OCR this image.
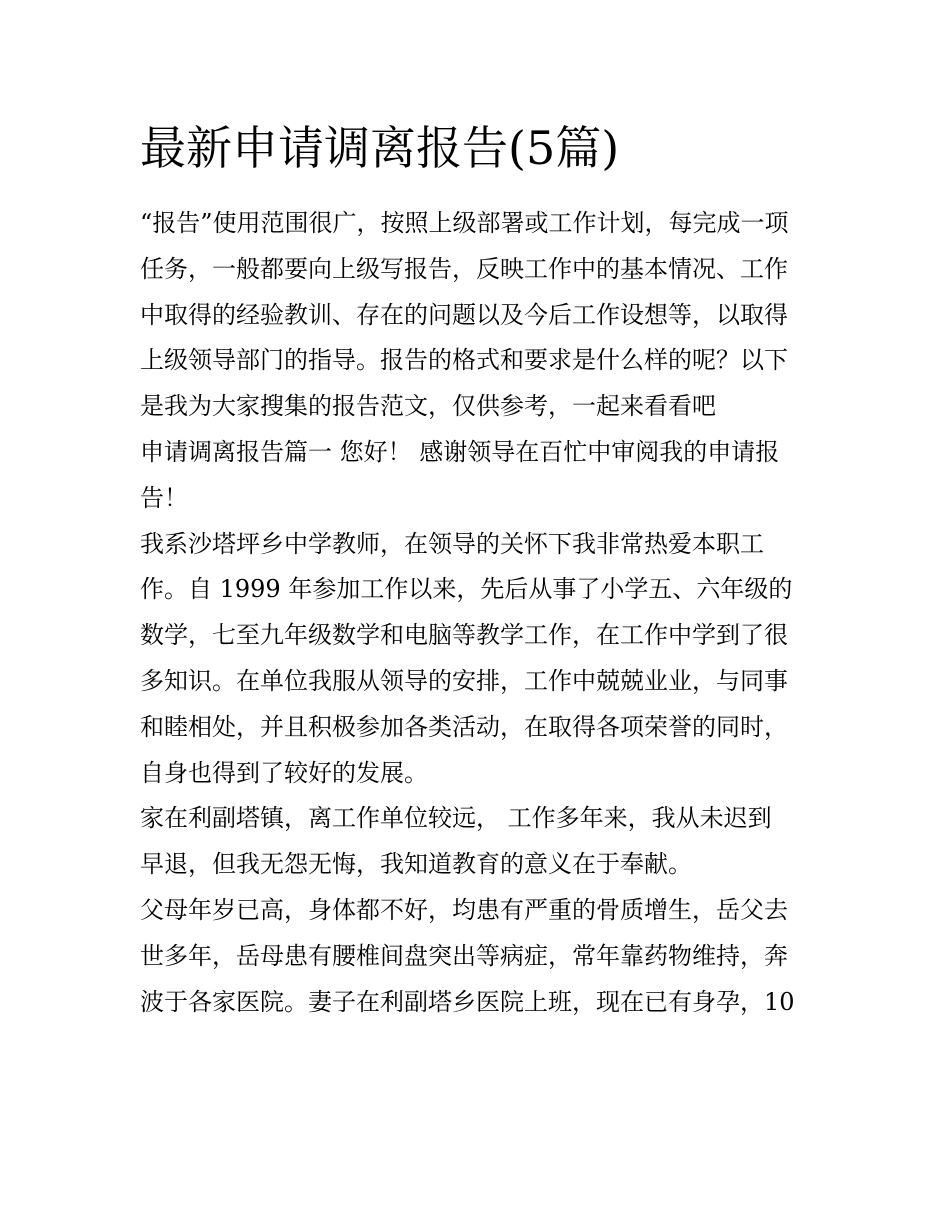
最新申请调离报告(5篇)

“报告”使用范围很广，按照上级部署或工作计划，每完成一项
任务，一般都要向上级写报告，反映工作中的基本情况、工作
中取得的经验教训、存在的问题以及今后工作设想等，以取得
上级领导部门的指导。报告的格式和要求是什么样的呢？以下
是我为大家搜集的报告范文，仅供参考，一起来看看吧

申请调离报告篇一 您好！ 感谢领导在百忙中审阅我的申请报
告！

我系沙塔坪乡中学教师，在领导的关怀下我非常热爱本职工
作。自 1999 年参加工作以来，先后从事了小学五、六年级的
数学，七至九年级数学和电脑等教学工作，在工作中学到了很
多知识。在单位我服从领导的安排，工作中兢兢业业，与同事
和睦相处，并且积极参加各类活动，在取得各项荣誉的同时，
自身也得到了较好的发展。

家在利副塔镇，离工作单位较远， 工作多年来，我从未迟到
早退，但我无怨无悔，我知道教育的意义在于奉献。

父母年岁已高，身体都不好，均患有严重的骨质增生，岳父去
世多年，岳母患有腰椎间盘突出等病症，常年靠药物维持，奔
波于各家医院。妻子在利副塔乡医院上班，现在已有身孕，10
